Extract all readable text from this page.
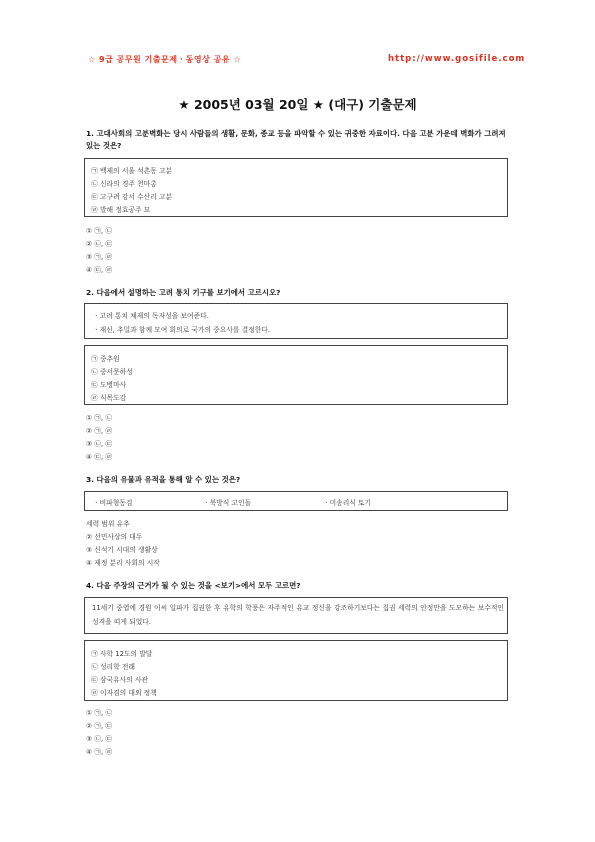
☆ 9급 공무원 기출문제ㆍ동영상 공유 ☆	http://www.gosifile.com
★ 2005년 03월 20일 ★ (대구) 기출문제
1. 고대사회의 고분벽화는 당시 사람들의 생활, 문화, 종교 등을 파악할 수 있는 귀중한 자료이다. 다음 고분 가운데 벽화가 그려져 있는 것은?
㉠ 백제의 서울 석촌동 고분
㉡ 신라의 경주 천마총
㉢ 고구려 강서 수산리 고분
㉣ 발해 정효공주 묘
① ㉠, ㉡
② ㉡, ㉢
③ ㉠, ㉣
④ ㉢, ㉣
2. 다음에서 설명하는 고려 통치 기구를 보기에서 고르시오?
ㆍ고려 통치 체제의 독자성을 보여준다.
ㆍ재신, 추밀과 함께 모여 회의로 국가의 중요사를 결정한다.
㉠ 중추원
㉡ 중서문하성
㉢ 도병마사
㉣ 식목도감
① ㉠, ㉡
② ㉠, ㉣
③ ㉡, ㉢
④ ㉢, ㉣
3. 다음의 유물과 유적을 통해 알 수 있는 것은?
ㆍ비파형동검	ㆍ북방식 고인돌	ㆍ미송리식 토기
세력 범위 유추
② 선민사상의 대두
③ 신석기 시대의 생활상
④ 제정 분리 사회의 시작
4. 다음 주장의 근거가 될 수 있는 것을 <보기>에서 모두 고르면?
11세기 중엽에 경원 이씨 일파가 집권한 후 유학의 학풍은 자주적인 유교 정신을 강조하기보다는 집권 세력의 안정만을 도모하는 보수적인 성격을 띠게 되었다.
㉠ 사학 12도의 발달
㉡ 성리학 전래
㉢ 삼국유사의 사관
㉣ 이자겸의 대외 정책
① ㉠, ㉡
② ㉠, ㉢
③ ㉡, ㉢
④ ㉠, ㉣
